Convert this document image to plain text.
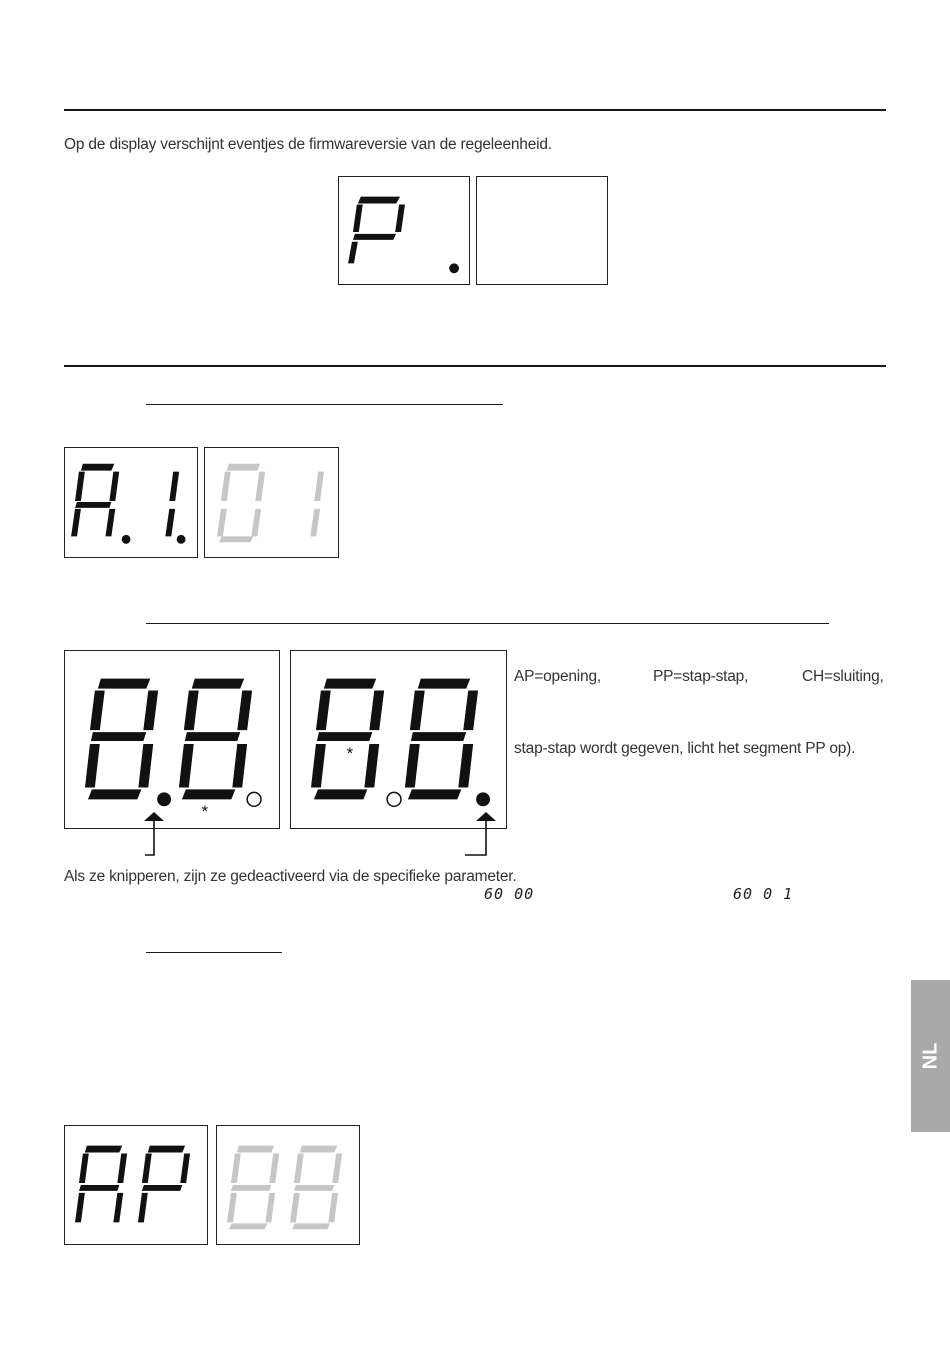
Op de display verschijnt eventjes de firmwareversie van de regeleenheid.
*
*
AP=opening,	PP=stap-stap,	CH=sluiting,
stap-stap wordt gegeven, licht het segment PP op).
Als ze knipperen, zijn ze gedeactiveerd via de specifieke parameter.
60 00	60 0 1
NL
